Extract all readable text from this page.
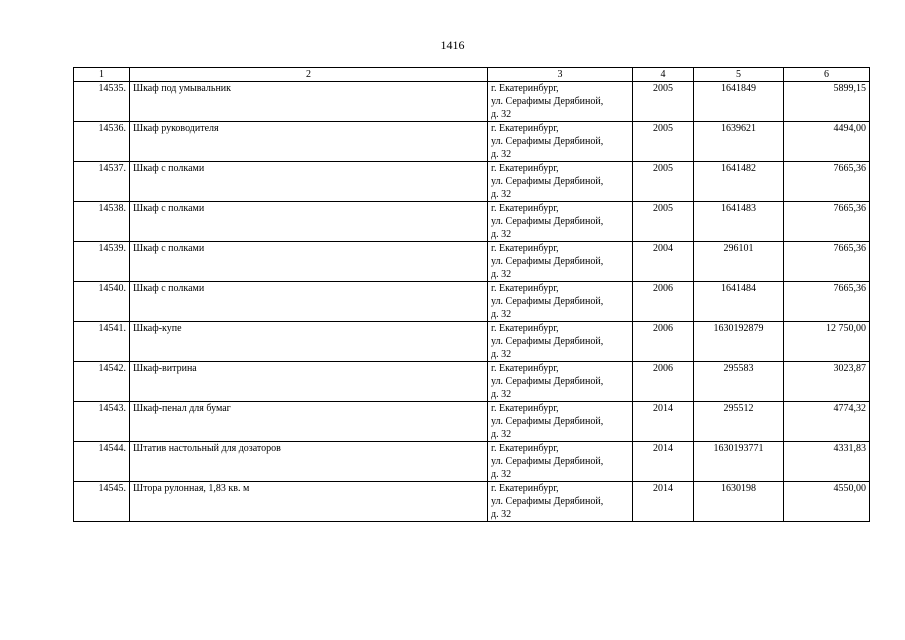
1416
1	2	3	4	5	6
14535.	Шкаф под умывальник	г. Екатеринбург,
ул. Серафимы Дерябиной,
д. 32	2005	1641849	5899,15
14536.	Шкаф руководителя	г. Екатеринбург,
ул. Серафимы Дерябиной,
д. 32	2005	1639621	4494,00
14537.	Шкаф с полками	г. Екатеринбург,
ул. Серафимы Дерябиной,
д. 32	2005	1641482	7665,36
14538.	Шкаф с полками	г. Екатеринбург,
ул. Серафимы Дерябиной,
д. 32	2005	1641483	7665,36
14539.	Шкаф с полками	г. Екатеринбург,
ул. Серафимы Дерябиной,
д. 32	2004	296101	7665,36
14540.	Шкаф с полками	г. Екатеринбург,
ул. Серафимы Дерябиной,
д. 32	2006	1641484	7665,36
14541.	Шкаф-купе	г. Екатеринбург,
ул. Серафимы Дерябиной,
д. 32	2006	1630192879	12 750,00
14542.	Шкаф-витрина	г. Екатеринбург,
ул. Серафимы Дерябиной,
д. 32	2006	295583	3023,87
14543.	Шкаф-пенал для бумаг	г. Екатеринбург,
ул. Серафимы Дерябиной,
д. 32	2014	295512	4774,32
14544.	Штатив настольный для дозаторов	г. Екатеринбург,
ул. Серафимы Дерябиной,
д. 32	2014	1630193771	4331,83
14545.	Штора рулонная, 1,83 кв. м	г. Екатеринбург,
ул. Серафимы Дерябиной,
д. 32	2014	1630198	4550,00
